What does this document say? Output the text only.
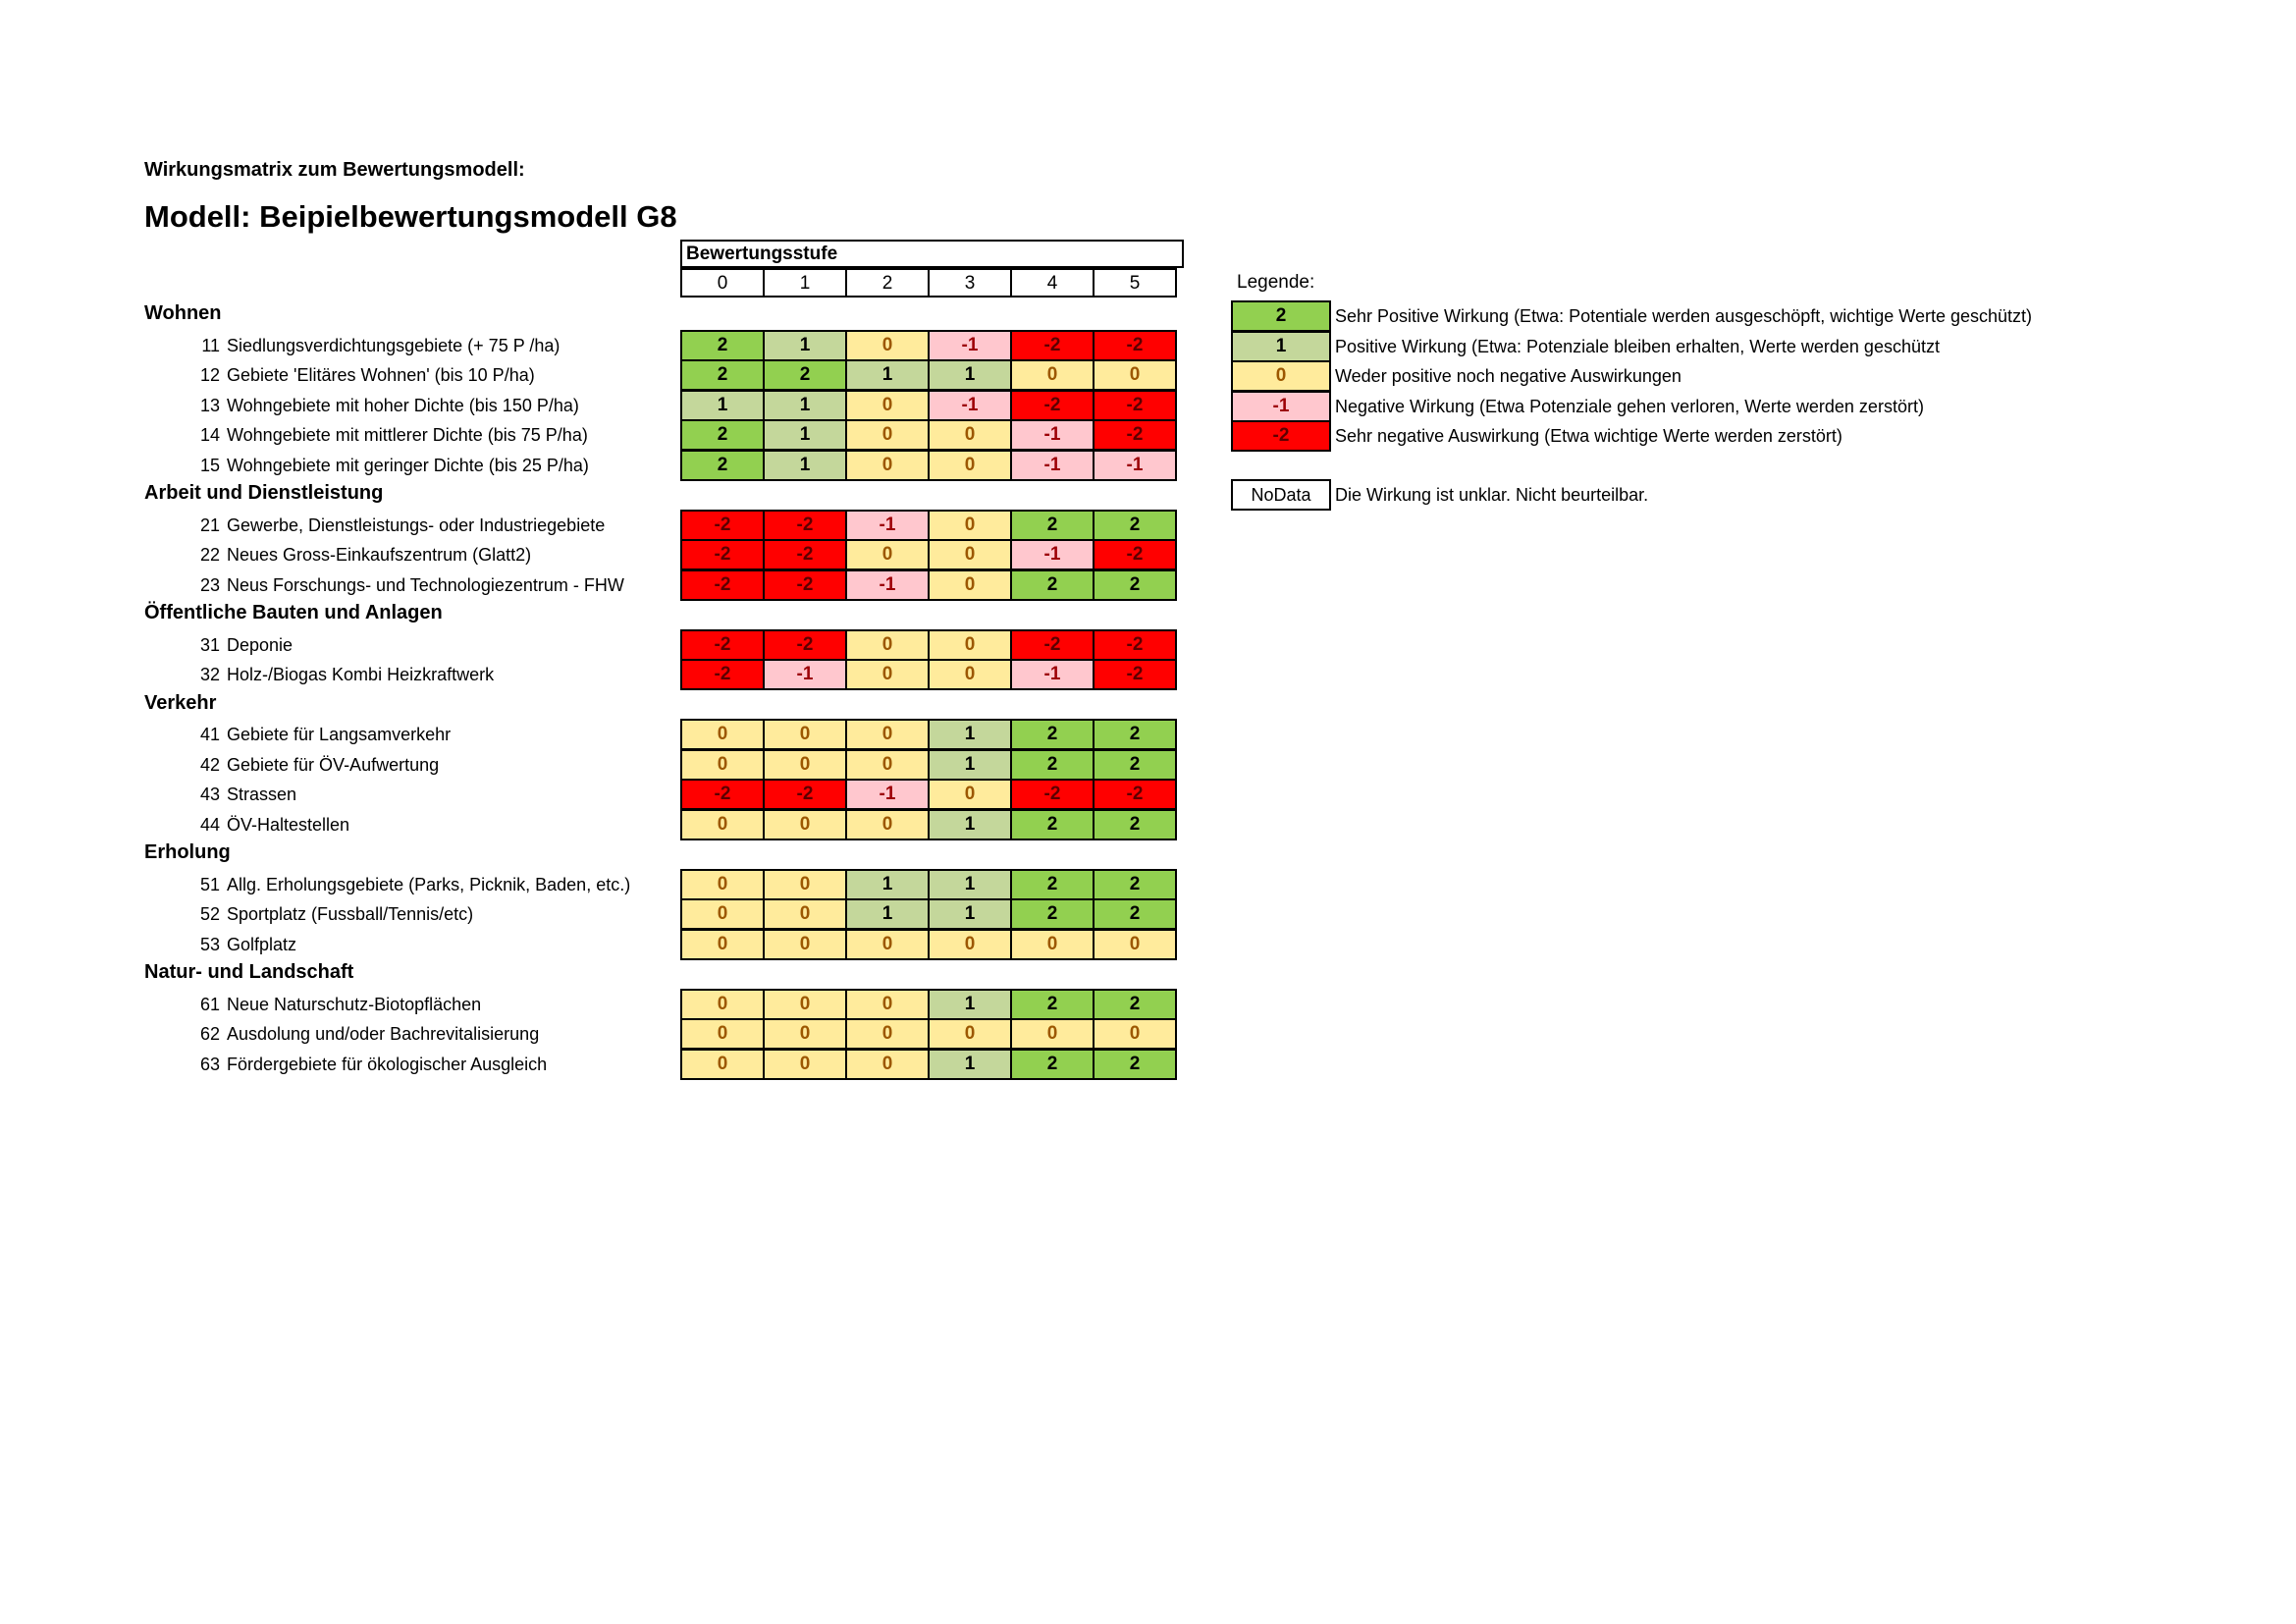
Wirkungsmatrix zum Bewertungsmodell:
Modell: Beipielbewertungsmodell G8
Bewertungsstufe
0	1	2	3	4	5
Wohnen
11 Siedlungsverdichtungsgebiete (+ 75 P /ha)	2	1	0	-1	-2	-2
12 Gebiete 'Elitäres Wohnen' (bis 10 P/ha)	2	2	1	1	0	0
13 Wohngebiete mit hoher Dichte (bis 150 P/ha)	1	1	0	-1	-2	-2
14 Wohngebiete mit mittlerer Dichte (bis 75 P/ha)	2	1	0	0	-1	-2
15 Wohngebiete mit geringer Dichte (bis 25 P/ha)	2	1	0	0	-1	-1
Arbeit und Dienstleistung
21 Gewerbe, Dienstleistungs- oder Industriegebiete	-2	-2	-1	0	2	2
22 Neues Gross-Einkaufszentrum (Glatt2)	-2	-2	0	0	-1	-2
23 Neus Forschungs- und Technologiezentrum - FHW	-2	-2	-1	0	2	2
Öffentliche Bauten und Anlagen
31 Deponie	-2	-2	0	0	-2	-2
32 Holz-/Biogas Kombi Heizkraftwerk	-2	-1	0	0	-1	-2
Verkehr
41 Gebiete für Langsamverkehr	0	0	0	1	2	2
42 Gebiete für ÖV-Aufwertung	0	0	0	1	2	2
43 Strassen	-2	-2	-1	0	-2	-2
44 ÖV-Haltestellen	0	0	0	1	2	2
Erholung
51 Allg. Erholungsgebiete (Parks, Picknik, Baden, etc.)	0	0	1	1	2	2
52 Sportplatz (Fussball/Tennis/etc)	0	0	1	1	2	2
53 Golfplatz	0	0	0	0	0	0
Natur- und Landschaft
61 Neue Naturschutz-Biotopflächen	0	0	0	1	2	2
62 Ausdolung und/oder Bachrevitalisierung	0	0	0	0	0	0
63 Fördergebiete für ökologischer Ausgleich	0	0	0	1	2	2
Legende:
2	Sehr Positive Wirkung (Etwa: Potentiale werden ausgeschöpft, wichtige Werte geschützt)
1	Positive Wirkung (Etwa: Potenziale bleiben erhalten, Werte werden geschützt
0	Weder positive noch negative Auswirkungen
-1	Negative Wirkung (Etwa Potenziale gehen verloren, Werte werden zerstört)
-2	Sehr negative Auswirkung (Etwa wichtige Werte werden zerstört)
NoData	Die Wirkung ist unklar. Nicht beurteilbar.
